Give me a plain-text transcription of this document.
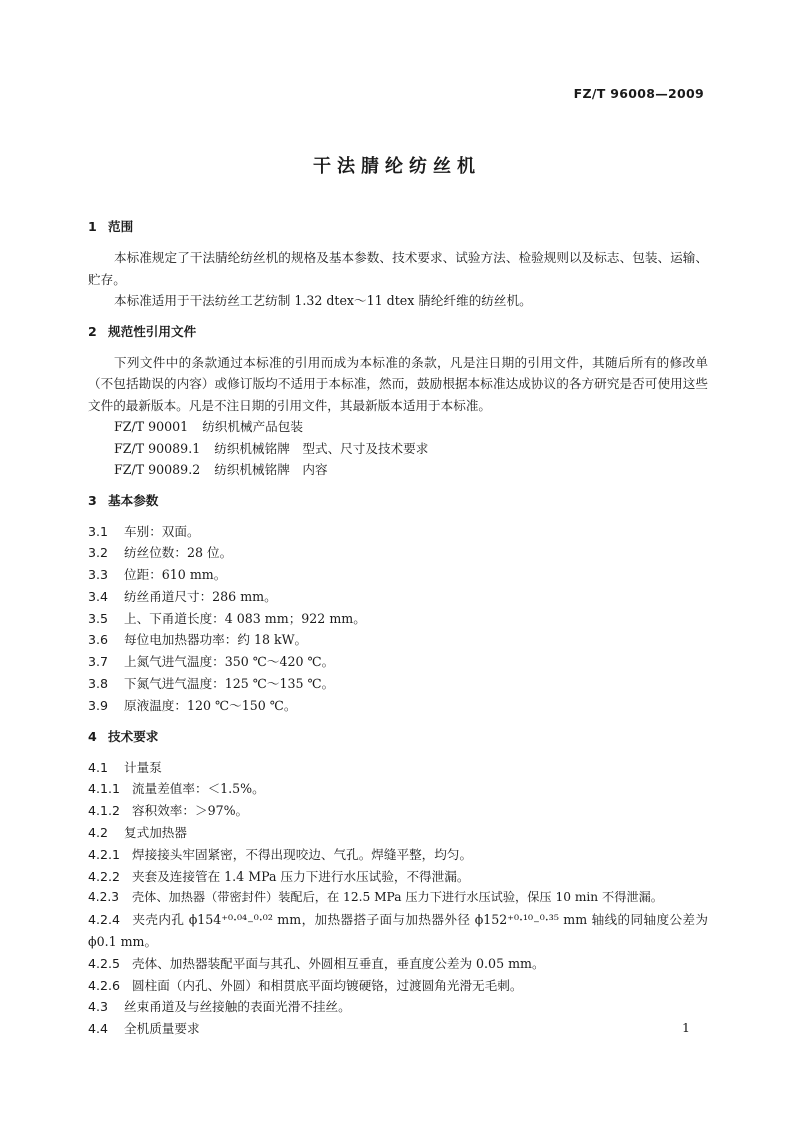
FZ/T 96008—2009
干法腈纶纺丝机

1 范围

本标准规定了干法腈纶纺丝机的规格及基本参数、技术要求、试验方法、检验规则以及标志、包装、运输、贮存。

本标准适用于干法纺丝工艺纺制 1.32 dtex～11 dtex 腈纶纤维的纺丝机。

2 规范性引用文件

下列文件中的条款通过本标准的引用而成为本标准的条款，凡是注日期的引用文件，其随后所有的修改单（不包括勘误的内容）或修订版均不适用于本标准，然而，鼓励根据本标准达成协议的各方研究是否可使用这些文件的最新版本。凡是不注日期的引用文件，其最新版本适用于本标准。

FZ/T 90001 纺织机械产品包装

FZ/T 90089.1 纺织机械铭牌　型式、尺寸及技术要求

FZ/T 90089.2 纺织机械铭牌　内容

3 基本参数

3.1 车别：双面。

3.2 纺丝位数：28 位。

3.3 位距：610 mm。

3.4 纺丝甬道尺寸：286 mm。

3.5 上、下甬道长度：4 083 mm；922 mm。

3.6 每位电加热器功率：约 18 kW。

3.7 上氮气进气温度：350 ℃～420 ℃。

3.8 下氮气进气温度：125 ℃～135 ℃。

3.9 原液温度：120 ℃～150 ℃。

4 技术要求

4.1 计量泵

4.1.1 流量差值率：＜1.5%。

4.1.2 容积效率：＞97%。

4.2 复式加热器

4.2.1 焊接接头牢固紧密，不得出现咬边、气孔。焊缝平整，均匀。

4.2.2 夹套及连接管在 1.4 MPa 压力下进行水压试验，不得泄漏。

4.2.3 壳体、加热器（带密封件）装配后，在 12.5 MPa 压力下进行水压试验，保压 10 min 不得泄漏。

4.2.4 夹壳内孔 ϕ154⁺⁰·⁰⁴₋⁰·⁰² mm，加热器搭子面与加热器外径 ϕ152⁺⁰·¹⁰₋⁰·³⁵ mm 轴线的同轴度公差为 ϕ0.1 mm。

4.2.5 壳体、加热器装配平面与其孔、外圆相互垂直，垂直度公差为 0.05 mm。

4.2.6 圆柱面（内孔、外圆）和相贯底平面均镀硬铬，过渡圆角光滑无毛刺。

4.3 丝束甬道及与丝接触的表面光滑不挂丝。

4.4 全机质量要求	1
